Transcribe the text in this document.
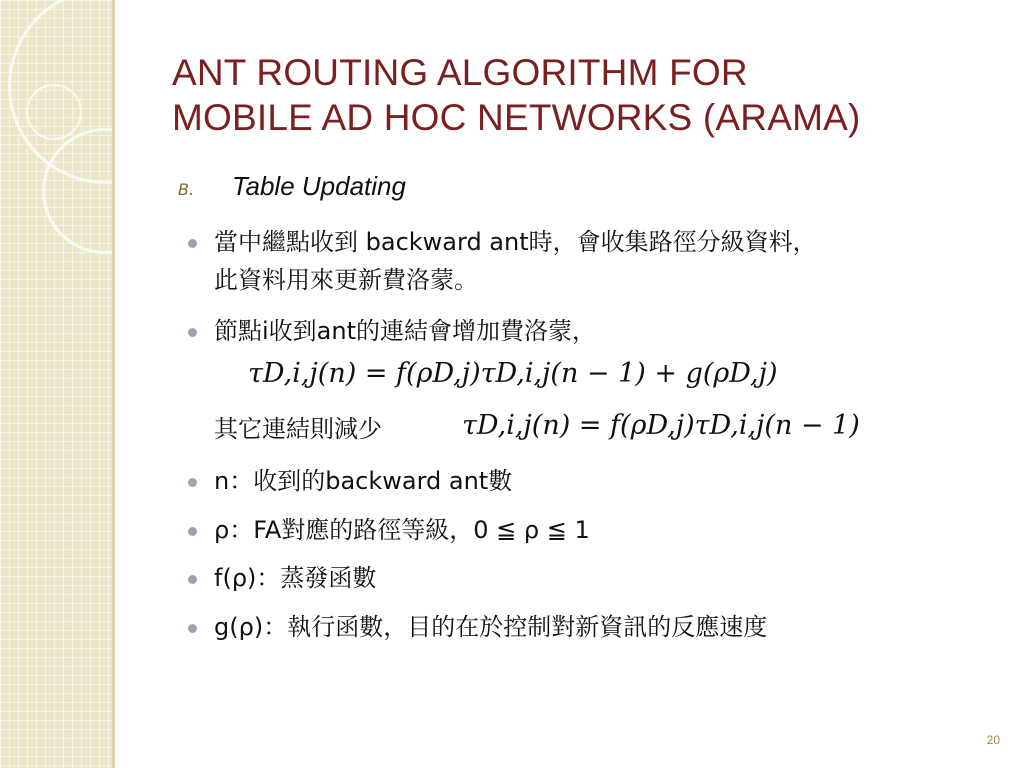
ANT ROUTING ALGORITHM FOR
MOBILE AD HOC NETWORKS (ARAMA)
B.	Table Updating
當中繼點收到 backward ant時，會收集路徑分級資料，
此資料用來更新費洛蒙。
節點i收到ant的連結會增加費洛蒙，
τD,i,j(n) = f(ρD,j)τD,i,j(n − 1) + g(ρD,j)
其它連結則減少	τD,i,j(n) = f(ρD,j)τD,i,j(n − 1)
n：收到的backward ant數
ρ：FA對應的路徑等級，0 ≦ ρ ≦ 1
f(ρ)：蒸發函數
g(ρ)：執行函數，目的在於控制對新資訊的反應速度
20
